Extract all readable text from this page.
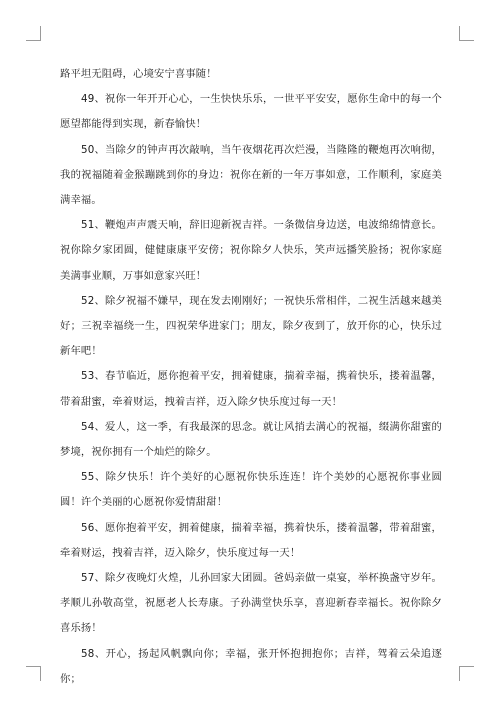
路平坦无阻碍，心境安宁喜事随！

49、祝你一年开开心心，一生快快乐乐，一世平平安安，愿你生命中的每一个愿望都能得到实现，新春愉快！

50、当除夕的钟声再次敲响，当午夜烟花再次烂漫，当隆隆的鞭炮再次响彻，我的祝福随着金猴蹦跳到你的身边：祝你在新的一年万事如意，工作顺利，家庭美满幸福。

51、鞭炮声声震天响，辞旧迎新祝吉祥。一条微信身边送，电波绵绵情意长。祝你除夕家团圆，健健康康平安傍；祝你除夕人快乐，笑声远播笑脸扬；祝你家庭美满事业顺，万事如意家兴旺！

52、除夕祝福不嫌早，现在发去刚刚好；一祝快乐常相伴，二祝生活越来越美好；三祝幸福绕一生，四祝荣华进家门；朋友，除夕夜到了，放开你的心，快乐过新年吧！

53、春节临近，愿你抱着平安，拥着健康，揣着幸福，携着快乐，搂着温馨，带着甜蜜，牵着财运，拽着吉祥，迈入除夕快乐度过每一天！

54、爱人，这一季，有我最深的思念。就让风捎去满心的祝福，缀满你甜蜜的梦境，祝你拥有一个灿烂的除夕。

55、除夕快乐！许个美好的心愿祝你快乐连连！许个美妙的心愿祝你事业圆圆！许个美丽的心愿祝你爱情甜甜！

56、愿你抱着平安，拥着健康，揣着幸福，携着快乐，搂着温馨，带着甜蜜，牵着财运，拽着吉祥，迈入除夕，快乐度过每一天！

57、除夕夜晚灯火煌，儿孙回家大团圆。爸妈亲做一桌宴，举杯换盏守岁年。孝顺儿孙敬高堂，祝愿老人长寿康。子孙满堂快乐享，喜迎新春幸福长。祝你除夕喜乐扬！

58、开心，扬起风帆飘向你；幸福，张开怀抱拥抱你；吉祥，驾着云朵追逐你；
